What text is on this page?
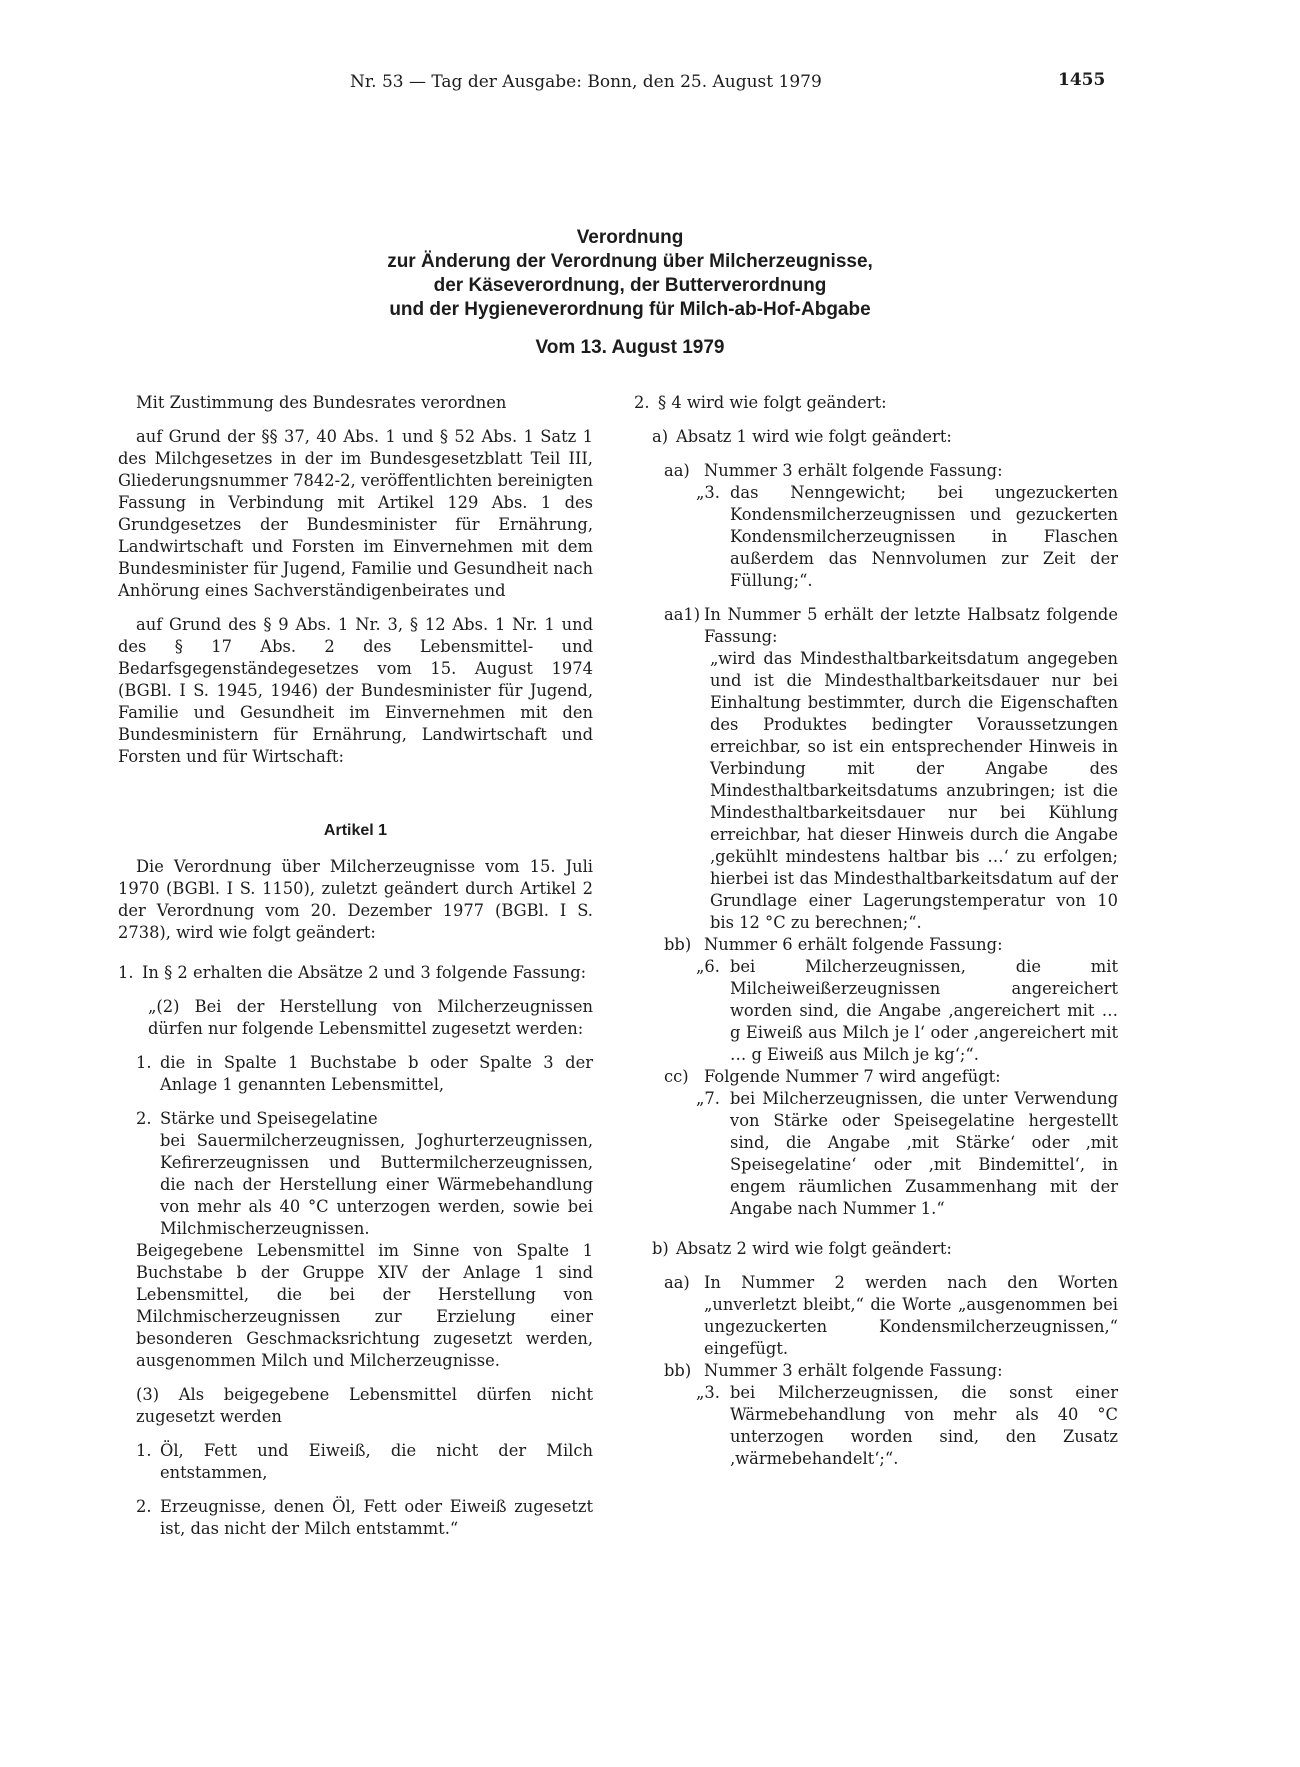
Nr. 53 — Tag der Ausgabe: Bonn, den 25. August 1979	1455
Verordnung
zur Änderung der Verordnung über Milcherzeugnisse,
der Käseverordnung, der Butterverordnung
und der Hygieneverordnung für Milch-ab-Hof-Abgabe
Vom 13. August 1979

Mit Zustimmung des Bundesrates verordnen

auf Grund der §§ 37, 40 Abs. 1 und § 52 Abs. 1 Satz 1 des Milchgesetzes in der im Bundesgesetzblatt Teil III, Gliederungsnummer 7842-2, veröffentlichten bereinigten Fassung in Verbindung mit Artikel 129 Abs. 1 des Grundgesetzes der Bundesminister für Ernährung, Landwirtschaft und Forsten im Einvernehmen mit dem Bundesminister für Jugend, Familie und Gesundheit nach Anhörung eines Sachverständigenbeirates und

auf Grund des § 9 Abs. 1 Nr. 3, § 12 Abs. 1 Nr. 1 und des § 17 Abs. 2 des Lebensmittel- und Bedarfsgegenständegesetzes vom 15. August 1974 (BGBl. I S. 1945, 1946) der Bundesminister für Jugend, Familie und Gesundheit im Einvernehmen mit den Bundesministern für Ernährung, Landwirtschaft und Forsten und für Wirtschaft:

Artikel 1

Die Verordnung über Milcherzeugnisse vom 15. Juli 1970 (BGBl. I S. 1150), zuletzt geändert durch Artikel 2 der Verordnung vom 20. Dezember 1977 (BGBl. I S. 2738), wird wie folgt geändert:

1. In § 2 erhalten die Absätze 2 und 3 folgende Fassung:

„(2) Bei der Herstellung von Milcherzeugnissen dürfen nur folgende Lebensmittel zugesetzt werden:

1. die in Spalte 1 Buchstabe b oder Spalte 3 der Anlage 1 genannten Lebensmittel,
2. Stärke und Speisegelatine

bei Sauermilcherzeugnissen, Joghurterzeugnissen, Kefirerzeugnissen und Buttermilcherzeugnissen, die nach der Herstellung einer Wärmebehandlung von mehr als 40 °C unterzogen werden, sowie bei Milchmischerzeugnissen.

Beigegebene Lebensmittel im Sinne von Spalte 1 Buchstabe b der Gruppe XIV der Anlage 1 sind Lebensmittel, die bei der Herstellung von Milchmischerzeugnissen zur Erzielung einer besonderen Geschmacksrichtung zugesetzt werden, ausgenommen Milch und Milcherzeugnisse.

(3) Als beigegebene Lebensmittel dürfen nicht zugesetzt werden

1. Öl, Fett und Eiweiß, die nicht der Milch entstammen,
2. Erzeugnisse, denen Öl, Fett oder Eiweiß zugesetzt ist, das nicht der Milch entstammt.“
2. § 4 wird wie folgt geändert:
a) Absatz 1 wird wie folgt geändert:
aa) Nummer 3 erhält folgende Fassung:
„3. das Nenngewicht; bei ungezuckerten Kondensmilcherzeugnissen und gezuckerten Kondensmilcherzeugnissen in Flaschen außerdem das Nennvolumen zur Zeit der Füllung;“.
aa1) In Nummer 5 erhält der letzte Halbsatz folgende Fassung:

„wird das Mindesthaltbarkeitsdatum angegeben und ist die Mindesthaltbarkeitsdauer nur bei Einhaltung bestimmter, durch die Eigenschaften des Produktes bedingter Voraussetzungen erreichbar, so ist ein entsprechender Hinweis in Verbindung mit der Angabe des Mindesthaltbarkeitsdatums anzubringen; ist die Mindesthaltbarkeitsdauer nur bei Kühlung erreichbar, hat dieser Hinweis durch die Angabe ‚gekühlt mindestens haltbar bis …‘ zu erfolgen; hierbei ist das Mindesthaltbarkeitsdatum auf der Grundlage einer Lagerungstemperatur von 10 bis 12 °C zu berechnen;“.

bb) Nummer 6 erhält folgende Fassung:
„6. bei Milcherzeugnissen, die mit Milcheiweißerzeugnissen angereichert worden sind, die Angabe ‚angereichert mit … g Eiweiß aus Milch je l‘ oder ‚angereichert mit … g Eiweiß aus Milch je kg‘;“.
cc) Folgende Nummer 7 wird angefügt:
„7. bei Milcherzeugnissen, die unter Verwendung von Stärke oder Speisegelatine hergestellt sind, die Angabe ‚mit Stärke‘ oder ‚mit Speisegelatine‘ oder ‚mit Bindemittel‘, in engem räumlichen Zusammenhang mit der Angabe nach Nummer 1.“
b) Absatz 2 wird wie folgt geändert:
aa) In Nummer 2 werden nach den Worten „unverletzt bleibt,“ die Worte „ausgenommen bei ungezuckerten Kondensmilcherzeugnissen,“ eingefügt.
bb) Nummer 3 erhält folgende Fassung:
„3. bei Milcherzeugnissen, die sonst einer Wärmebehandlung von mehr als 40 °C unterzogen worden sind, den Zusatz ‚wärmebehandelt‘;“.
